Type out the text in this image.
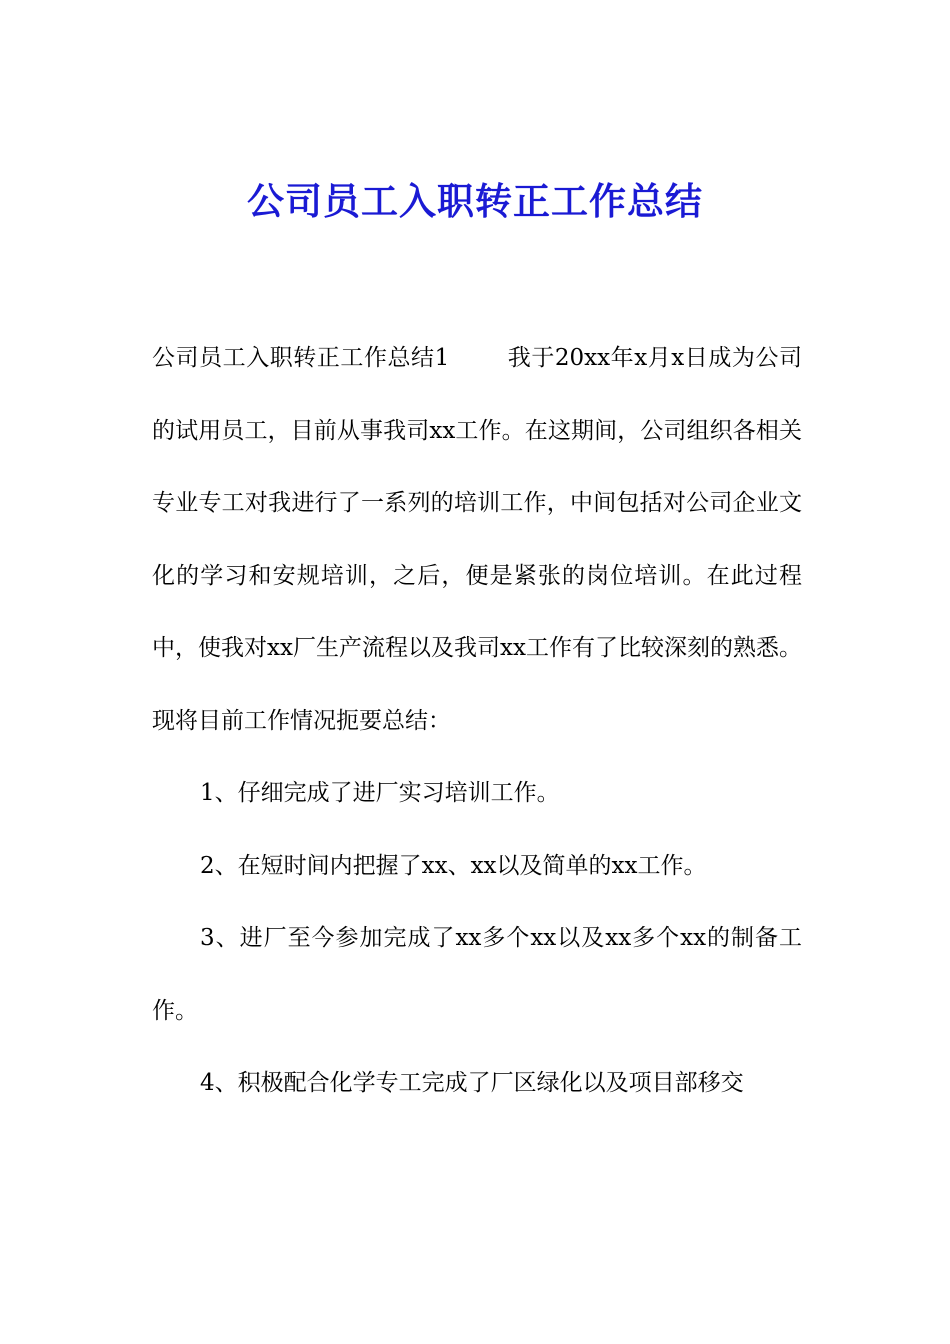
公司员工入职转正工作总结

公司员工入职转正工作总结1	我于20xx年x月x日成为公司的试用员工，目前从事我司xx工作。在这期间，公司组织各相关专业专工对我进行了一系列的培训工作，中间包括对公司企业文化的学习和安规培训，之后，便是紧张的岗位培训。在此过程中，使我对xx厂生产流程以及我司xx工作有了比较深刻的熟悉。现将目前工作情况扼要总结：

1、仔细完成了进厂实习培训工作。

2、在短时间内把握了xx、xx以及简单的xx工作。

3、进厂至今参加完成了xx多个xx以及xx多个xx的制备工作。

4、积极配合化学专工完成了厂区绿化以及项目部移交
